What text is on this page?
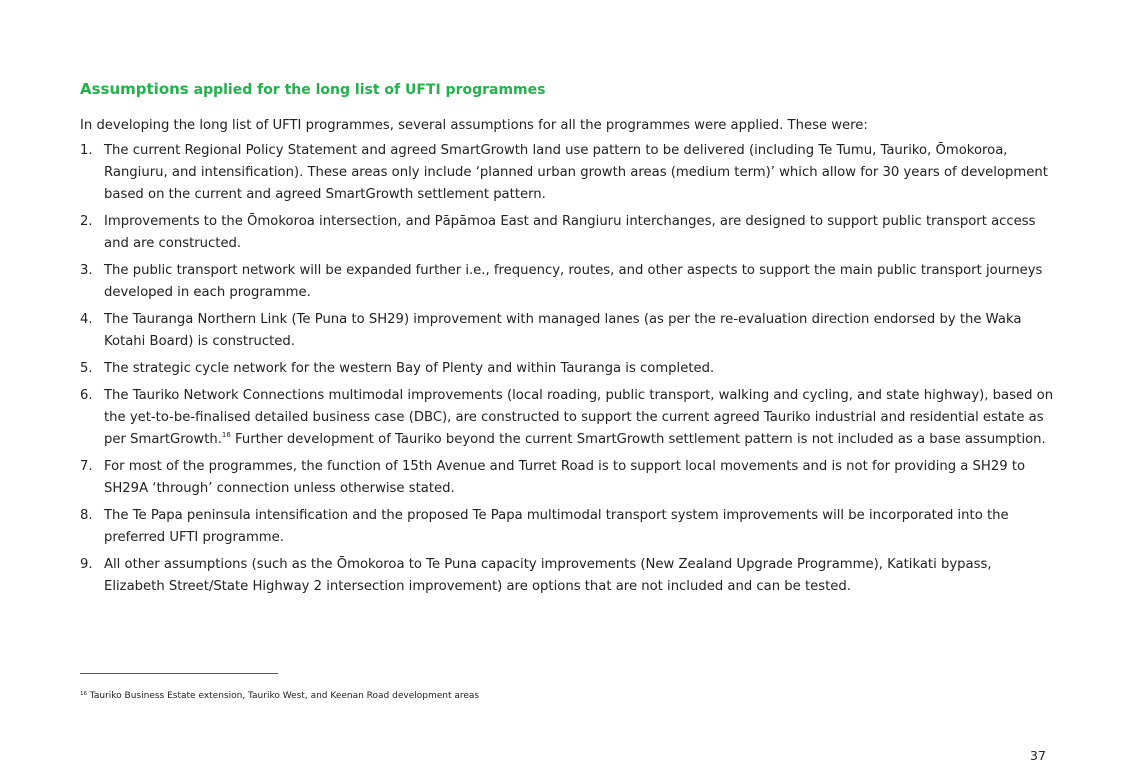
Assumptions applied for the long list of UFTI programmes
In developing the long list of UFTI programmes, several assumptions for all the programmes were applied. These were:
1. The current Regional Policy Statement and agreed SmartGrowth land use pattern to be delivered (including Te Tumu, Tauriko, Ōmokoroa, Rangiuru, and intensification). These areas only include ‘planned urban growth areas (medium term)’ which allow for 30 years of development based on the current and agreed SmartGrowth settlement pattern.
2. Improvements to the Ōmokoroa intersection, and Pāpāmoa East and Rangiuru interchanges, are designed to support public transport access and are constructed.
3. The public transport network will be expanded further i.e., frequency, routes, and other aspects to support the main public transport journeys developed in each programme.
4. The Tauranga Northern Link (Te Puna to SH29) improvement with managed lanes (as per the re-evaluation direction endorsed by the Waka Kotahi Board) is constructed.
5. The strategic cycle network for the western Bay of Plenty and within Tauranga is completed.
6. The Tauriko Network Connections multimodal improvements (local roading, public transport, walking and cycling, and state highway), based on the yet-to-be-finalised detailed business case (DBC), are constructed to support the current agreed Tauriko industrial and residential estate as per SmartGrowth.$^{16}$ Further development of Tauriko beyond the current SmartGrowth settlement pattern is not included as a base assumption.
7. For most of the programmes, the function of 15th Avenue and Turret Road is to support local movements and is not for providing a SH29 to SH29A ‘through’ connection unless otherwise stated.
8. The Te Papa peninsula intensification and the proposed Te Papa multimodal transport system improvements will be incorporated into the preferred UFTI programme.
9. All other assumptions (such as the Ōmokoroa to Te Puna capacity improvements (New Zealand Upgrade Programme), Katikati bypass, Elizabeth Street/State Highway 2 intersection improvement) are options that are not included and can be tested.
$^{16}$ Tauriko Business Estate extension, Tauriko West, and Keenan Road development areas
37
